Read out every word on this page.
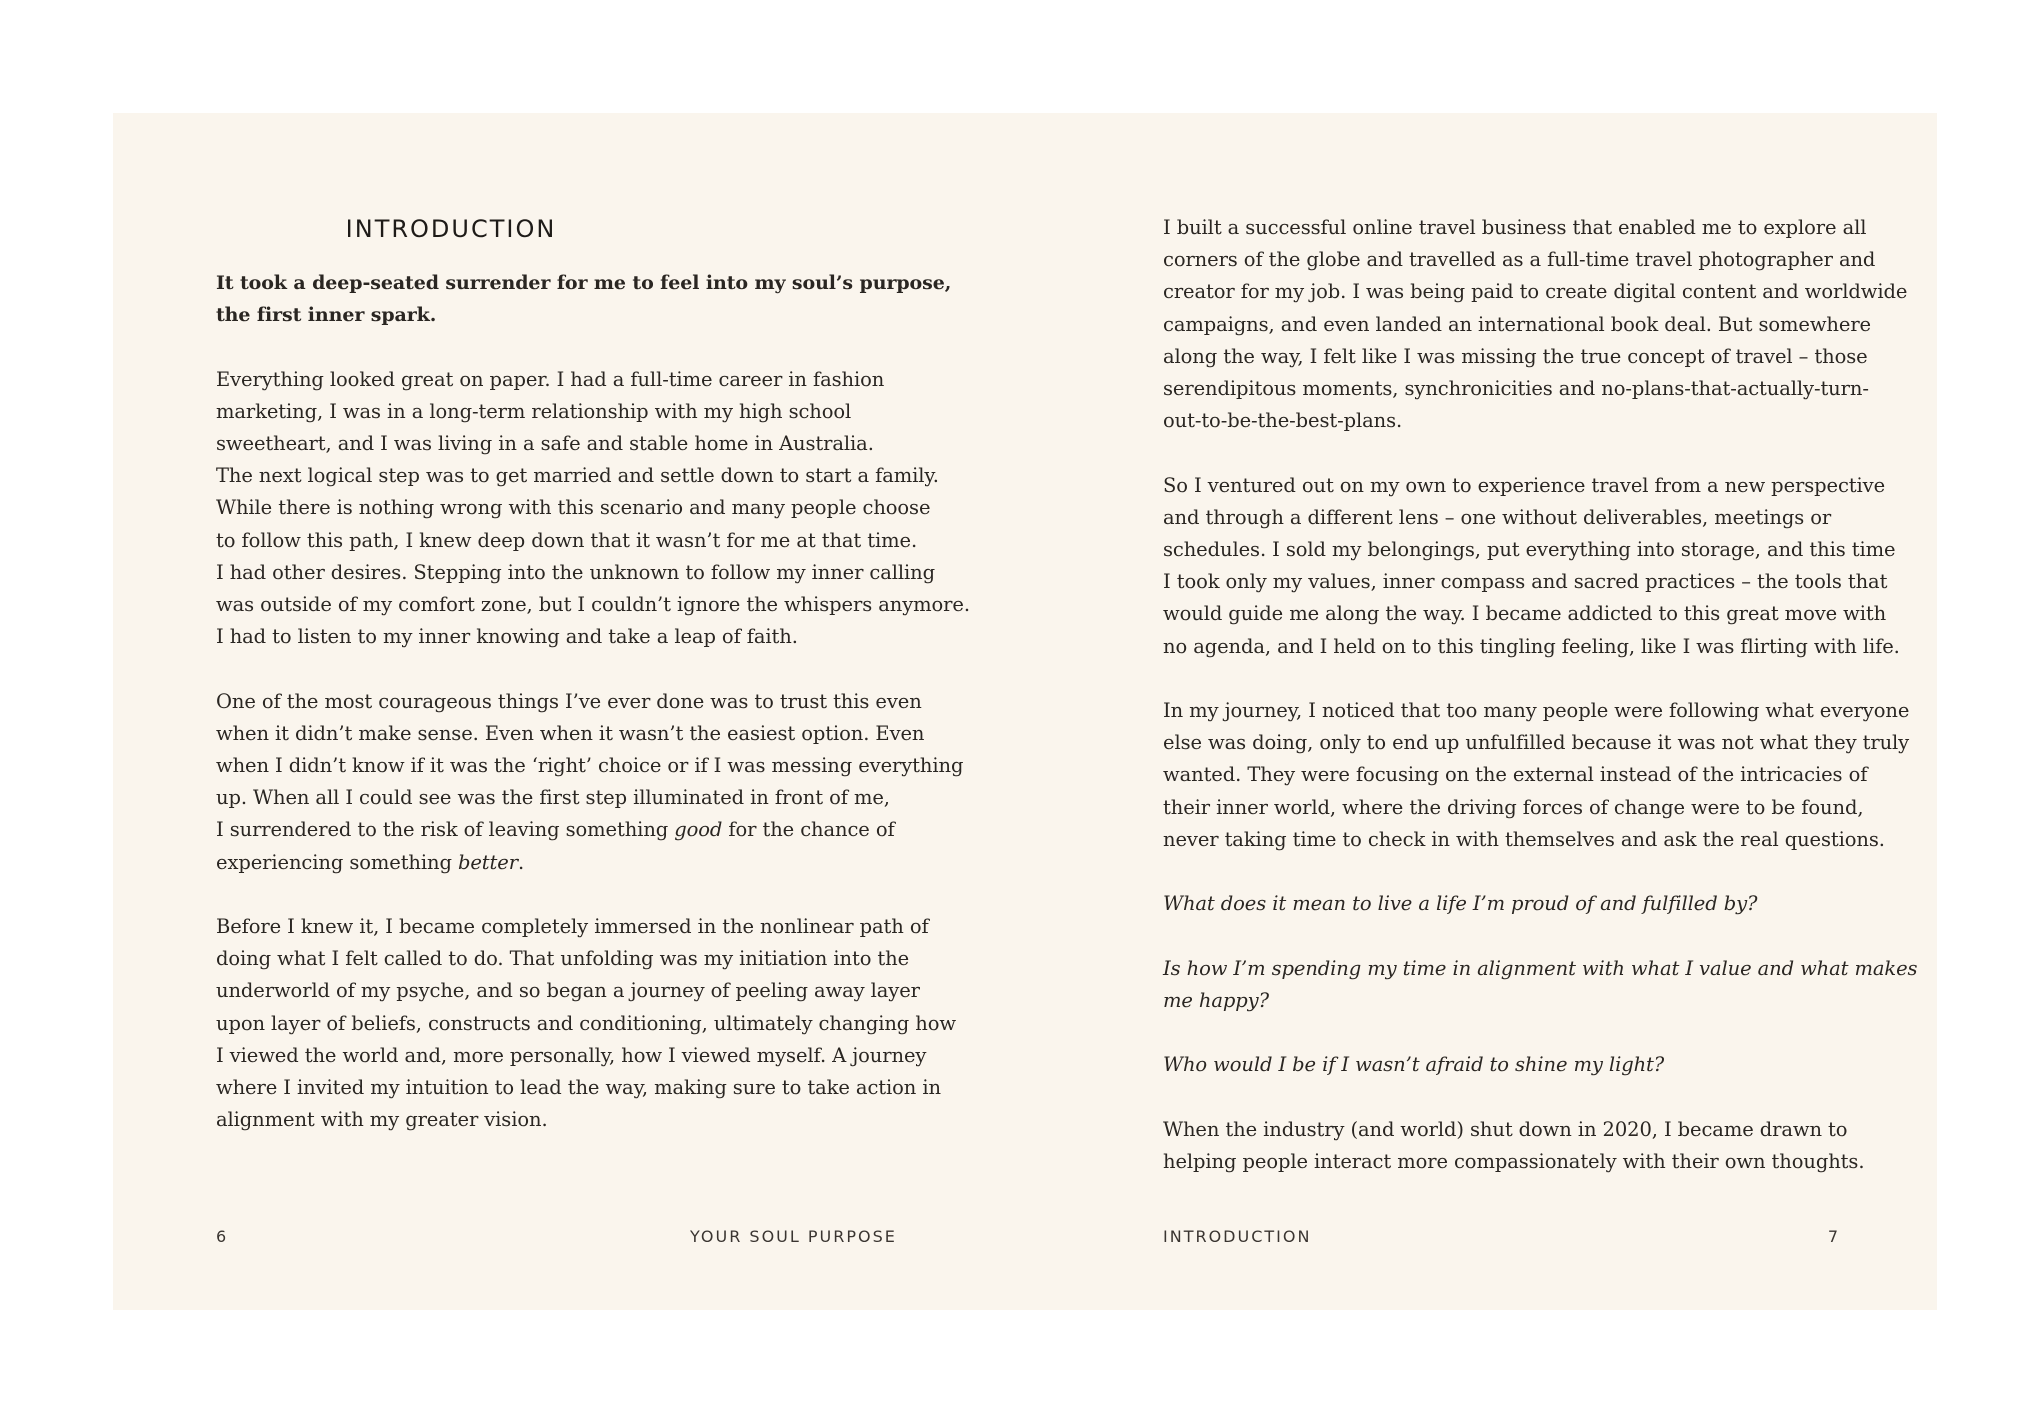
INTRODUCTION

It took a deep-seated surrender for me to feel into my soul’s purpose,
the first inner spark.

Everything looked great on paper. I had a full-time career in fashion
marketing, I was in a long-term relationship with my high school
sweetheart, and I was living in a safe and stable home in Australia.
The next logical step was to get married and settle down to start a family.
While there is nothing wrong with this scenario and many people choose
to follow this path, I knew deep down that it wasn’t for me at that time.
I had other desires. Stepping into the unknown to follow my inner calling
was outside of my comfort zone, but I couldn’t ignore the whispers anymore.
I had to listen to my inner knowing and take a leap of faith.

One of the most courageous things I’ve ever done was to trust this even
when it didn’t make sense. Even when it wasn’t the easiest option. Even
when I didn’t know if it was the ‘right’ choice or if I was messing everything
up. When all I could see was the first step illuminated in front of me,
I surrendered to the risk of leaving something good for the chance of
experiencing something better.

Before I knew it, I became completely immersed in the nonlinear path of
doing what I felt called to do. That unfolding was my initiation into the
underworld of my psyche, and so began a journey of peeling away layer
upon layer of beliefs, constructs and conditioning, ultimately changing how
I viewed the world and, more personally, how I viewed myself. A journey
where I invited my intuition to lead the way, making sure to take action in
alignment with my greater vision.

6	YOUR SOUL PURPOSE

I built a successful online travel business that enabled me to explore all
corners of the globe and travelled as a full-time travel photographer and
creator for my job. I was being paid to create digital content and worldwide
campaigns, and even landed an international book deal. But somewhere
along the way, I felt like I was missing the true concept of travel – those
serendipitous moments, synchronicities and no-plans-that-actually-turn-
out-to-be-the-best-plans.

So I ventured out on my own to experience travel from a new perspective
and through a different lens – one without deliverables, meetings or
schedules. I sold my belongings, put everything into storage, and this time
I took only my values, inner compass and sacred practices – the tools that
would guide me along the way. I became addicted to this great move with
no agenda, and I held on to this tingling feeling, like I was flirting with life.

In my journey, I noticed that too many people were following what everyone
else was doing, only to end up unfulfilled because it was not what they truly
wanted. They were focusing on the external instead of the intricacies of
their inner world, where the driving forces of change were to be found,
never taking time to check in with themselves and ask the real questions.

What does it mean to live a life I’m proud of and fulfilled by?

Is how I’m spending my time in alignment with what I value and what makes
me happy?

Who would I be if I wasn’t afraid to shine my light?

When the industry (and world) shut down in 2020, I became drawn to
helping people interact more compassionately with their own thoughts.

INTRODUCTION	7
